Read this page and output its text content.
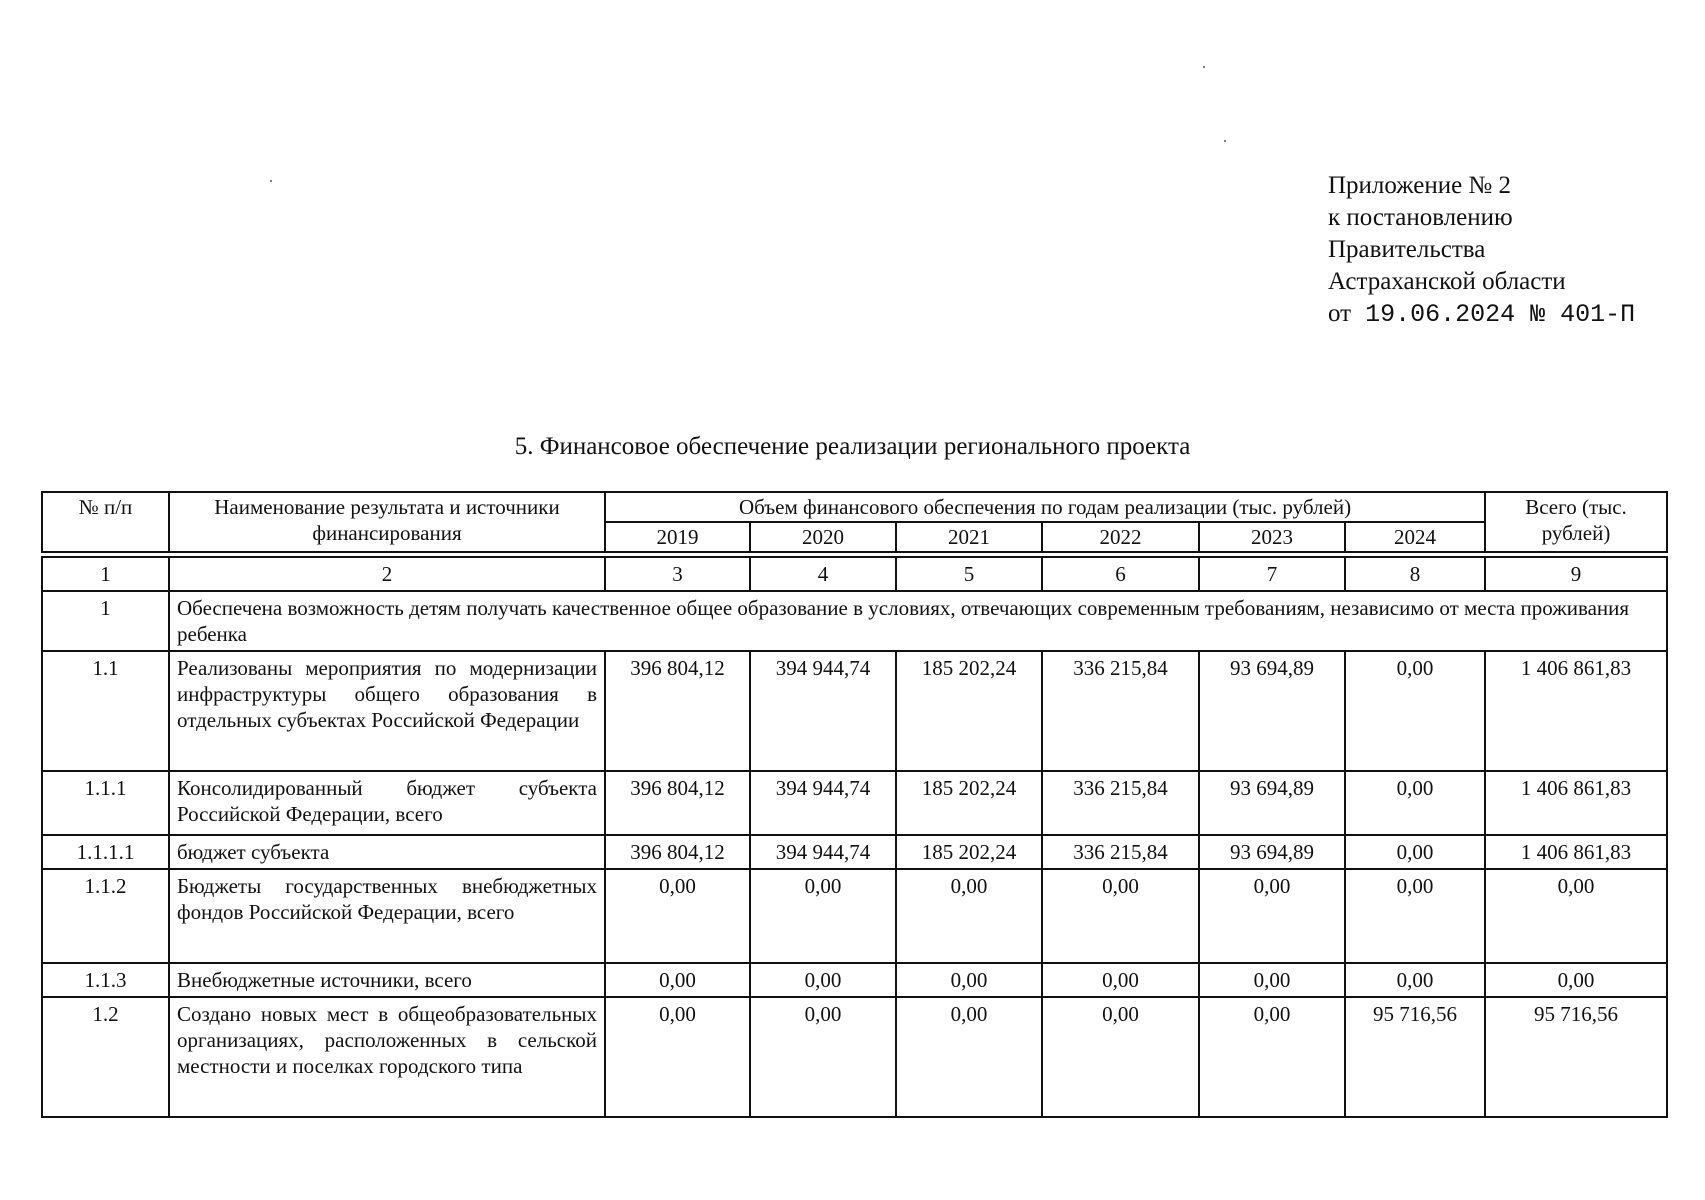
Приложение № 2
к постановлению
Правительства
Астраханской области
от 19.06.2024 № 401-П
5. Финансовое обеспечение реализации регионального проекта
№ п/п	Наименование результата и источники финансирования	Объем финансового обеспечения по годам реализации (тыс. рублей)						Всего (тыс. рублей)
		2019	2020	2021	2022	2023	2024	

1	2	3	4	5	6	7	8	9
1	Обеспечена возможность детям получать качественное общее образование в условиях, отвечающих современным требованиям, независимо от места проживания ребенка							
1.1	Реализованы мероприятия по модернизации инфраструктуры общего образования в отдельных субъектах Российской Федерации	396 804,12	394 944,74	185 202,24	336 215,84	93 694,89	0,00	1 406 861,83
1.1.1	Консолидированный бюджет субъекта Российской Федерации, всего	396 804,12	394 944,74	185 202,24	336 215,84	93 694,89	0,00	1 406 861,83
1.1.1.1	бюджет субъекта	396 804,12	394 944,74	185 202,24	336 215,84	93 694,89	0,00	1 406 861,83
1.1.2	Бюджеты государственных внебюджетных фондов Российской Федерации, всего	0,00	0,00	0,00	0,00	0,00	0,00	0,00
1.1.3	Внебюджетные источники, всего	0,00	0,00	0,00	0,00	0,00	0,00	0,00
1.2	Создано новых мест в общеобразовательных организациях, расположенных в сельской местности и поселках городского типа	0,00	0,00	0,00	0,00	0,00	95 716,56	95 716,56
